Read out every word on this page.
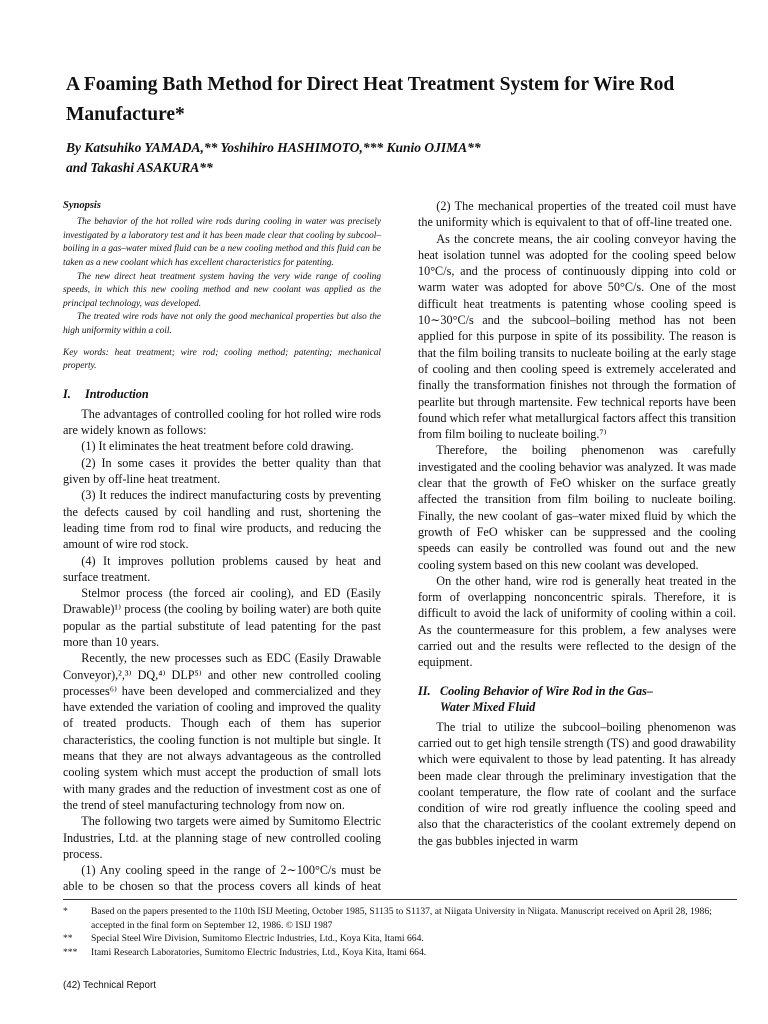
A Foaming Bath Method for Direct Heat Treatment System for Wire Rod Manufacture*
By Katsuhiko YAMADA,** Yoshihiro HASHIMOTO,*** Kunio OJIMA**
and Takashi ASAKURA**
Synopsis

The behavior of the hot rolled wire rods during cooling in water was precisely investigated by a laboratory test and it has been made clear that cooling by subcool–boiling in a gas–water mixed fluid can be a new cooling method and this fluid can be taken as a new coolant which has excellent characteristics for patenting.

The new direct heat treatment system having the very wide range of cooling speeds, in which this new cooling method and new coolant was applied as the principal technology, was developed.

The treated wire rods have not only the good mechanical properties but also the high uniformity within a coil.

Key words: heat treatment; wire rod; cooling method; patenting; mechanical property.
I. Introduction

The advantages of controlled cooling for hot rolled wire rods are widely known as follows:

(1) It eliminates the heat treatment before cold drawing.

(2) In some cases it provides the better quality than that given by off-line heat treatment.

(3) It reduces the indirect manufacturing costs by preventing the defects caused by coil handling and rust, shortening the leading time from rod to final wire products, and reducing the amount of wire rod stock.

(4) It improves pollution problems caused by heat and surface treatment.

Stelmor process (the forced air cooling), and ED (Easily Drawable)¹⁾ process (the cooling by boiling water) are both quite popular as the partial substitute of lead patenting for the past more than 10 years.

Recently, the new processes such as EDC (Easily Drawable Conveyor),²,³⁾ DQ,⁴⁾ DLP⁵⁾ and other new controlled cooling processes⁶⁾ have been developed and commercialized and they have extended the variation of cooling and improved the quality of treated products. Though each of them has superior characteristics, the cooling function is not multiple but single. It means that they are not always advantageous as the controlled cooling system which must accept the production of small lots with many grades and the reduction of investment cost as one of the trend of steel manufacturing technology from now on.

The following two targets were aimed by Sumitomo Electric Industries, Ltd. at the planning stage of new controlled cooling process.

(1) Any cooling speed in the range of 2∼100°C/s must be able to be chosen so that the process covers all kinds of heat

(2) The mechanical properties of the treated coil must have the uniformity which is equivalent to that of off-line treated one.

As the concrete means, the air cooling conveyor having the heat isolation tunnel was adopted for the cooling speed below 10°C/s, and the process of continuously dipping into cold or warm water was adopted for above 50°C/s. One of the most difficult heat treatments is patenting whose cooling speed is 10∼30°C/s and the subcool–boiling method has not been applied for this purpose in spite of its possibility. The reason is that the film boiling transits to nucleate boiling at the early stage of cooling and then cooling speed is extremely accelerated and finally the transformation finishes not through the formation of pearlite but through martensite. Few technical reports have been found which refer what metallurgical factors affect this transition from film boiling to nucleate boiling.⁷⁾

Therefore, the boiling phenomenon was carefully investigated and the cooling behavior was analyzed. It was made clear that the growth of FeO whisker on the surface greatly affected the transition from film boiling to nucleate boiling. Finally, the new coolant of gas–water mixed fluid by which the growth of FeO whisker can be suppressed and the cooling speeds can easily be controlled was found out and the new cooling system based on this new coolant was developed.

On the other hand, wire rod is generally heat treated in the form of overlapping nonconcentric spirals. Therefore, it is difficult to avoid the lack of uniformity of cooling within a coil. As the countermeasure for this problem, a few analyses were carried out and the results were reflected to the design of the equipment.

II. Cooling Behavior of Wire Rod in the Gas–
Water Mixed Fluid

The trial to utilize the subcool–boiling phenomenon was carried out to get high tensile strength (TS) and good drawability which were equivalent to those by lead patenting. It has already been made clear through the preliminary investigation that the coolant temperature, the flow rate of coolant and the surface condition of wire rod greatly influence the cooling speed and also that the characteristics of the coolant extremely depend on the gas bubbles injected in warm

*	Based on the papers presented to the 110th ISIJ Meeting, October 1985, S1135 to S1137, at Niigata University in Niigata. Manuscript received on April 28, 1986; accepted in the final form on September 12, 1986. © ISIJ 1987
**	Special Steel Wire Division, Sumitomo Electric Industries, Ltd., Koya Kita, Itami 664.
***	Itami Research Laboratories, Sumitomo Electric Industries, Ltd., Koya Kita, Itami 664.
(42) Technical Report
